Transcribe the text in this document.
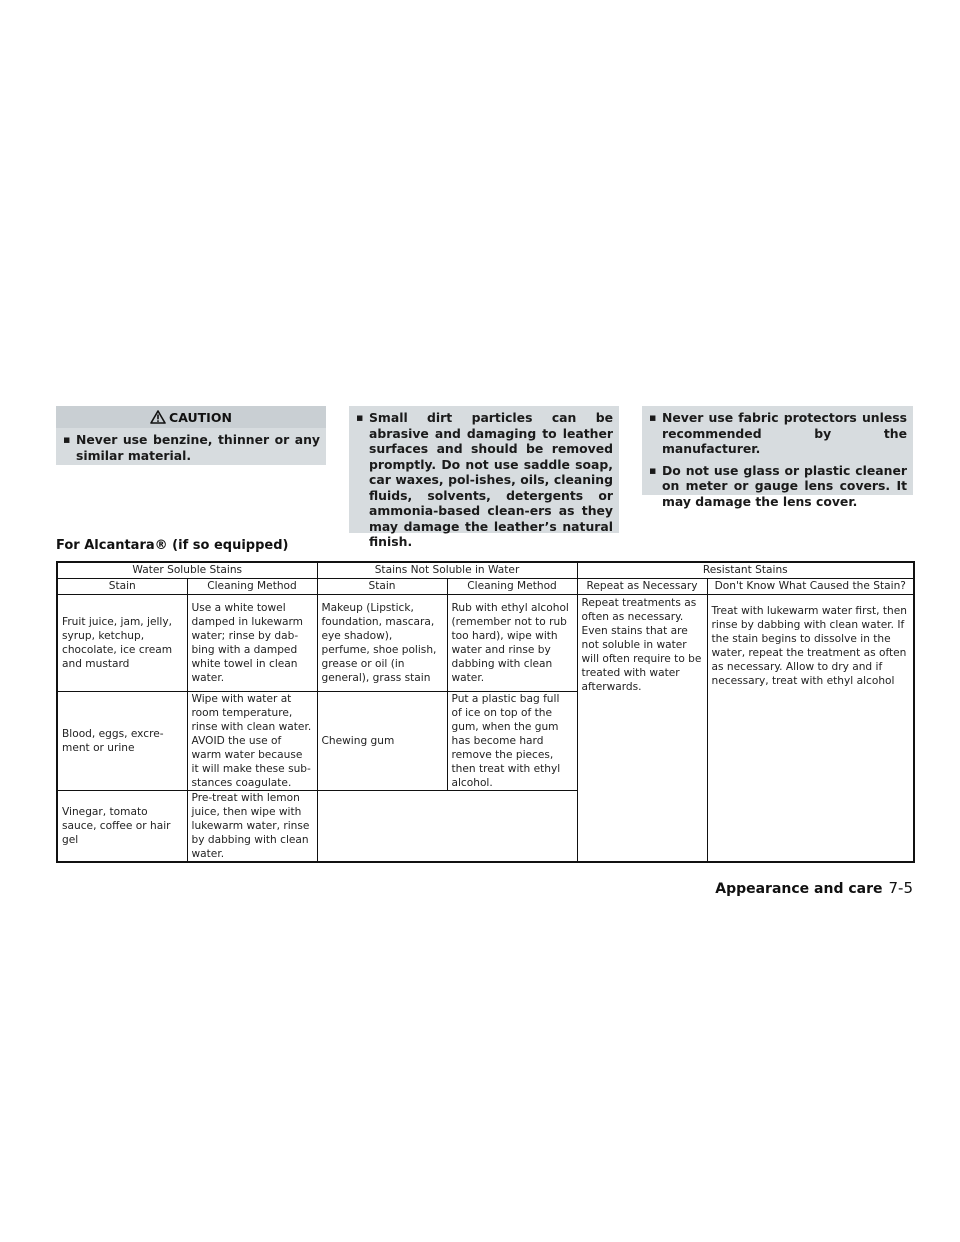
CAUTION
▪ Never use benzine, thinner or any similar material.
▪ Small dirt particles can be abrasive and damaging to leather surfaces and should be removed promptly. Do not use saddle soap, car waxes, pol-ishes, oils, cleaning fluids, solvents, detergents or ammonia-based clean-ers as they may damage the leather’s natural finish.
▪ Never use fabric protectors unless recommended by the manufacturer.
▪ Do not use glass or plastic cleaner on meter or gauge lens covers. It may damage the lens cover.
For Alcantara® (if so equipped)
Water Soluble Stains		Stains Not Soluble in Water		Resistant Stains	
Stain	Cleaning Method	Stain	Cleaning Method	Repeat as Necessary	Don't Know What Caused the Stain?
Fruit juice, jam, jelly, syrup, ketchup, chocolate, ice cream and mustard	Use a white towel damped in lukewarm water; rinse by dab-bing with a damped white towel in clean water.	Makeup (Lipstick, foundation, mascara, eye shadow), perfume, shoe polish, grease or oil (in general), grass stain	Rub with ethyl alcohol (remember not to rub too hard), wipe with water and rinse by dabbing with clean water.	Repeat treatments as often as necessary. Even stains that are not soluble in water will often require to be treated with water afterwards.	Treat with lukewarm water first, then rinse by dabbing with clean water. If the stain begins to dissolve in the water, repeat the treatment as often as necessary. Allow to dry and if necessary, treat with ethyl alcohol
Blood, eggs, excre-ment or urine	Wipe with water at room temperature, rinse with clean water. AVOID the use of warm water because it will make these sub-stances coagulate.	Chewing gum	Put a plastic bag full of ice on top of the gum, when the gum has become hard remove the pieces, then treat with ethyl alcohol.		
Vinegar, tomato sauce, coffee or hair gel	Pre-treat with lemon juice, then wipe with lukewarm water, rinse by dabbing with clean water.				
Appearance and care 7-5
